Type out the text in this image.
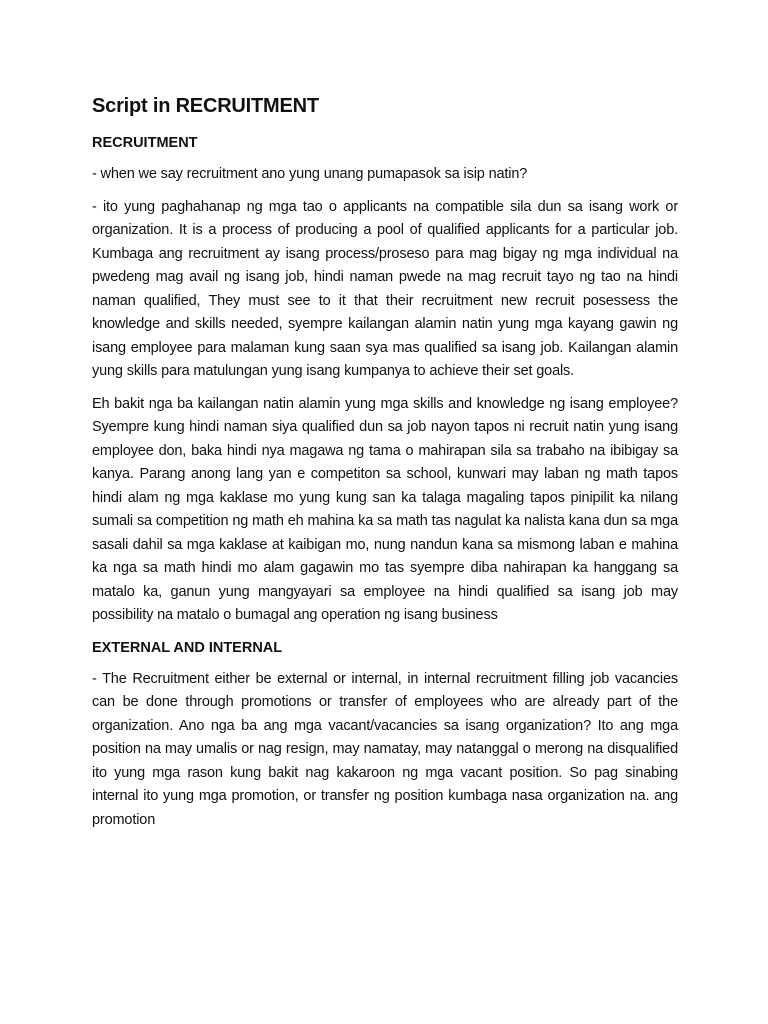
Script in RECRUITMENT
RECRUITMENT

- when we say recruitment ano yung unang pumapasok sa isip natin?

- ito yung paghahanap ng mga tao o applicants na compatible sila dun sa isang work or organization. It is a process of producing a pool of qualified applicants for a particular job. Kumbaga ang recruitment ay isang process/proseso para mag bigay ng mga individual na pwedeng mag avail ng isang job, hindi naman pwede na mag recruit tayo ng tao na hindi naman qualified, They must see to it that their recruitment new recruit posessess the knowledge and skills needed, syempre kailangan alamin natin yung mga kayang gawin ng isang employee para malaman kung saan sya mas qualified sa isang job. Kailangan alamin yung skills para matulungan yung isang kumpanya to achieve their set goals.

Eh bakit nga ba kailangan natin alamin yung mga skills and knowledge ng isang employee? Syempre kung hindi naman siya qualified dun sa job nayon tapos ni recruit natin yung isang employee don, baka hindi nya magawa ng tama o mahirapan sila sa trabaho na ibibigay sa kanya. Parang anong lang yan e competiton sa school, kunwari may laban ng math tapos hindi alam ng mga kaklase mo yung kung san ka talaga magaling tapos pinipilit ka nilang sumali sa competition ng math eh mahina ka sa math tas nagulat ka nalista kana dun sa mga sasali dahil sa mga kaklase at kaibigan mo, nung nandun kana sa mismong laban e mahina ka nga sa math hindi mo alam gagawin mo tas syempre diba nahirapan ka hanggang sa matalo ka, ganun yung mangyayari sa employee na hindi qualified sa isang job may possibility na matalo o bumagal ang operation ng isang business

EXTERNAL AND INTERNAL

- The Recruitment either be external or internal, in internal recruitment filling job vacancies can be done through promotions or transfer of employees who are already part of the organization. Ano nga ba ang mga vacant/vacancies sa isang organization? Ito ang mga position na may umalis or nag resign, may namatay, may natanggal o merong na disqualified ito yung mga rason kung bakit nag kakaroon ng mga vacant position. So pag sinabing internal ito yung mga promotion, or transfer ng position kumbaga nasa organization na. ang promotion
